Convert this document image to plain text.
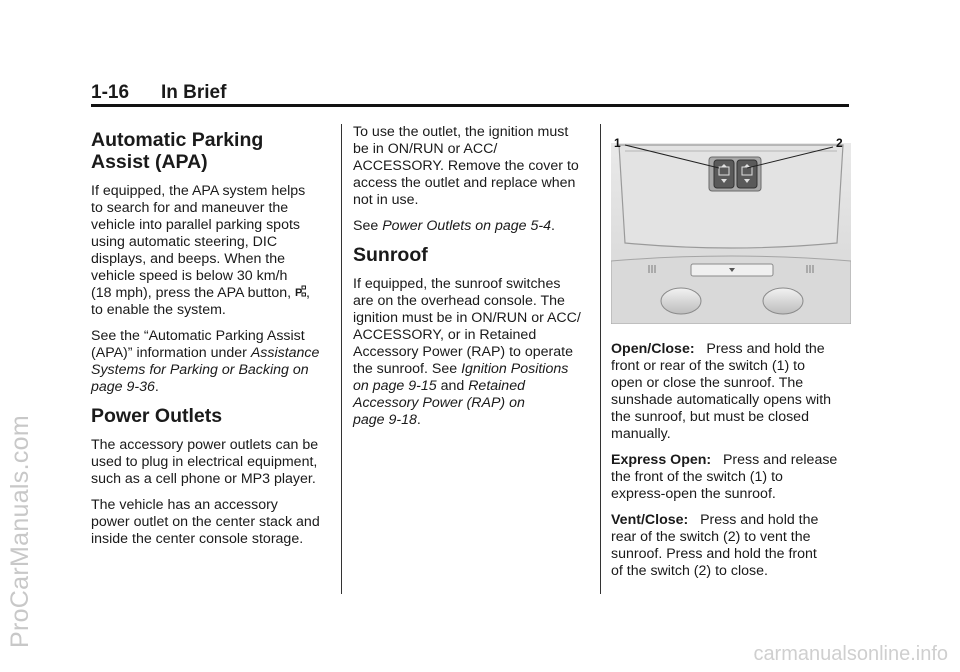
1-16 In Brief
Automatic Parking
Assist (APA)

If equipped, the APA system helps
to search for and maneuver the
vehicle into parallel parking spots
using automatic steering, DIC
displays, and beeps. When the
vehicle speed is below 30 km/h
(18 mph), press the APA button, P ,
to enable the system.

See the “Automatic Parking Assist
(APA)” information under Assistance
Systems for Parking or Backing on
page 9-36.

Power Outlets

The accessory power outlets can be
used to plug in electrical equipment,
such as a cell phone or MP3 player.

The vehicle has an accessory
power outlet on the center stack and
inside the center console storage.

To use the outlet, the ignition must
be in ON/RUN or ACC/
ACCESSORY. Remove the cover to
access the outlet and replace when
not in use.

See Power Outlets on page 5-4.

Sunroof

If equipped, the sunroof switches
are on the overhead console. The
ignition must be in ON/RUN or ACC/
ACCESSORY, or in Retained
Accessory Power (RAP) to operate
the sunroof. See Ignition Positions
on page 9-15 and Retained
Accessory Power (RAP) on
page 9-18.

1	2

Open/Close: Press and hold the
front or rear of the switch (1) to
open or close the sunroof. The
sunshade automatically opens with
the sunroof, but must be closed
manually.

Express Open: Press and release
the front of the switch (1) to
express-open the sunroof.

Vent/Close: Press and hold the
rear of the switch (2) to vent the
sunroof. Press and hold the front
of the switch (2) to close.

ProCarManuals.com
carmanualsonline.info
